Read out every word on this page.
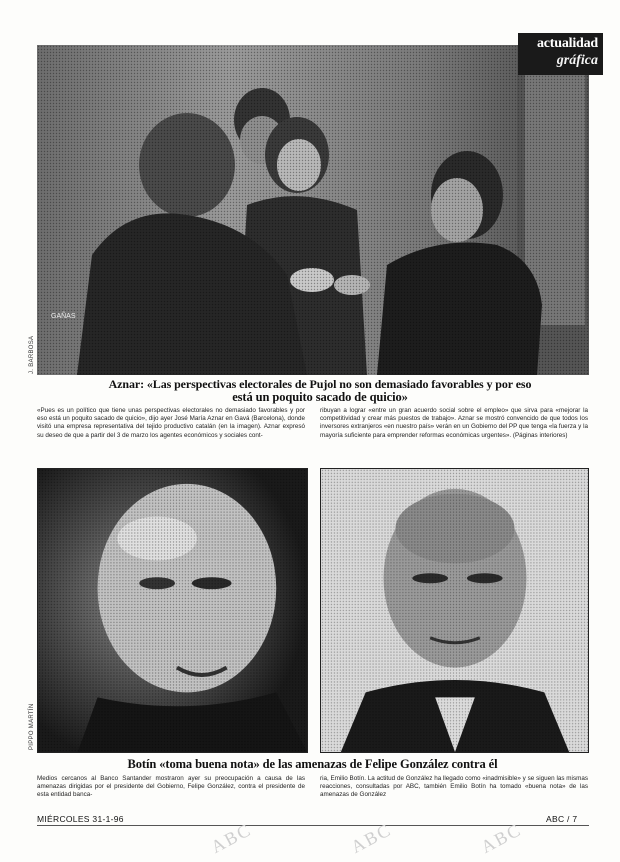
GAÑAS
J. BARBOSA
actualidad
gráfica
Aznar: «Las perspectivas electorales de Pujol no son demasiado favorables y por eso
está un poquito sacado de quicio»
«Pues es un político que tiene unas perspectivas electorales no demasiado favorables y por eso está un poquito sacado de quicio», dijo ayer José María Aznar en Gavá (Barcelona), donde visitó una empresa representativa del tejido productivo catalán (en la imagen). Aznar expresó su deseo de que a partir del 3 de marzo los agentes económicos y sociales cont-
ribuyan a lograr «entre un gran acuerdo social sobre el empleo» que sirva para «mejorar la competitividad y crear más puestos de trabajo». Aznar se mostró convencido de que todos los inversores extranjeros «en nuestro país» verán en un Gobierno del PP que tenga «la fuerza y la mayoría suficiente para emprender reformas económicas urgentes». (Páginas interiores)
PIPPO MARTÍN
Botín «toma buena nota» de las amenazas de Felipe González contra él
Medios cercanos al Banco Santander mostraron ayer su preocupación a causa de las amenazas dirigidas por el presidente del Gobierno, Felipe González, contra el presidente de esta entidad banca-
ria, Emilio Botín. La actitud de González ha llegado como «inadmisible» y se siguen las mismas reacciones, consultadas por ABC, también Emilio Botín ha tomado «buena nota» de las amenazas de González
MIÉRCOLES 31-1-96	ABC / 7
ABC	ABC	ABC
